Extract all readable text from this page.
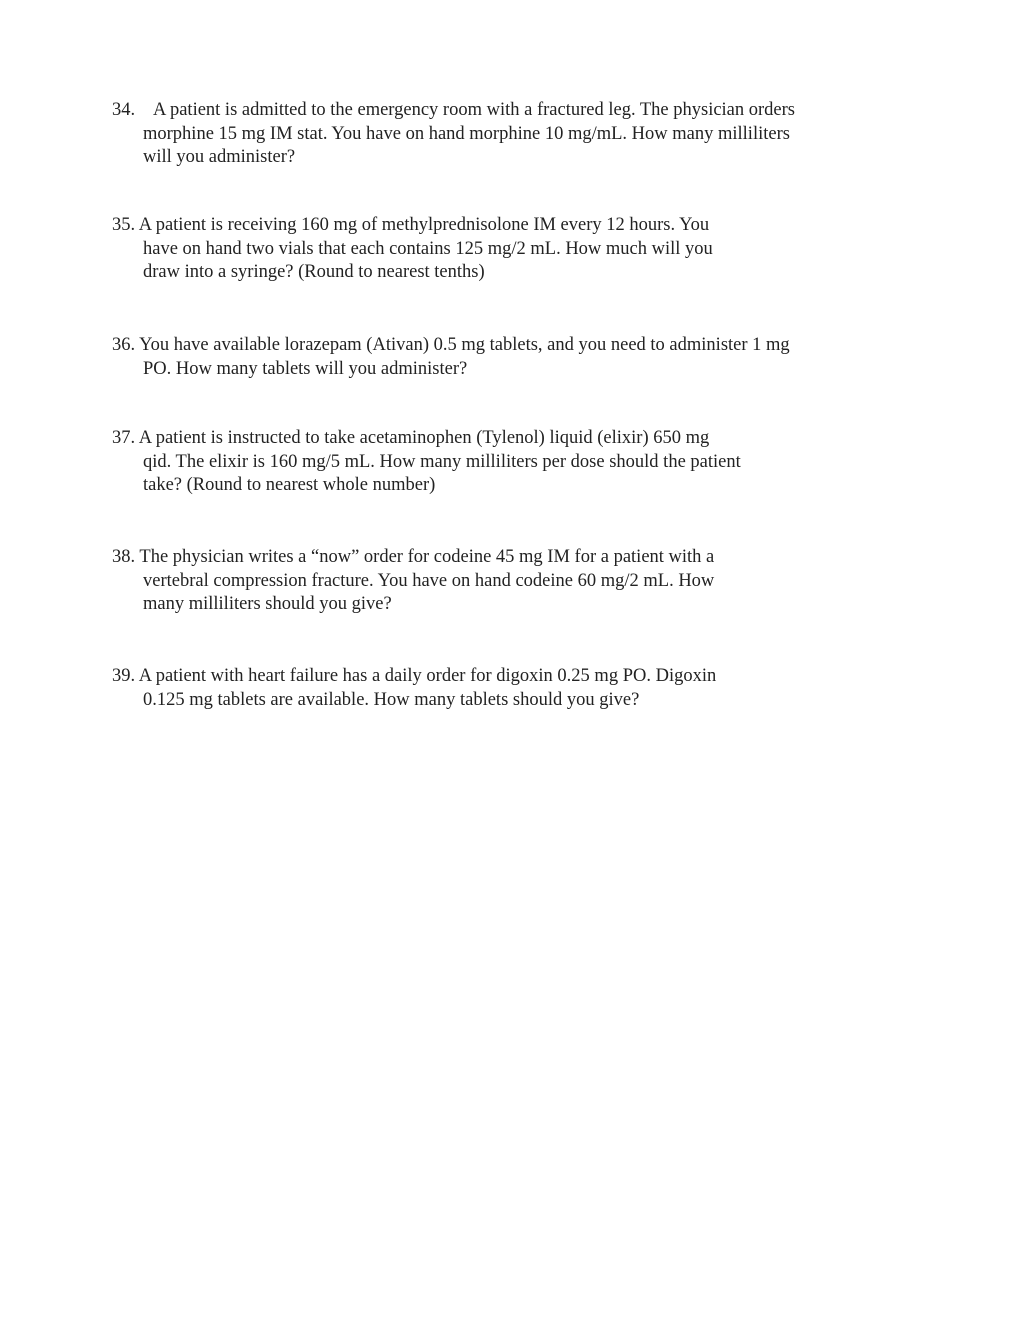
34. A patient is admitted to the emergency room with a fractured leg. The physician orders
morphine 15 mg IM stat. You have on hand morphine 10 mg/mL. How many milliliters
will you administer?
35. A patient is receiving 160 mg of methylprednisolone IM every 12 hours. You
have on hand two vials that each contains 125 mg/2 mL. How much will you
draw into a syringe? (Round to nearest tenths)
36. You have available lorazepam (Ativan) 0.5 mg tablets, and you need to administer 1 mg
PO. How many tablets will you administer?
37. A patient is instructed to take acetaminophen (Tylenol) liquid (elixir) 650 mg
qid. The elixir is 160 mg/5 mL. How many milliliters per dose should the patient
take? (Round to nearest whole number)
38. The physician writes a “now” order for codeine 45 mg IM for a patient with a
vertebral compression fracture. You have on hand codeine 60 mg/2 mL. How
many milliliters should you give?
39. A patient with heart failure has a daily order for digoxin 0.25 mg PO. Digoxin
0.125 mg tablets are available. How many tablets should you give?
